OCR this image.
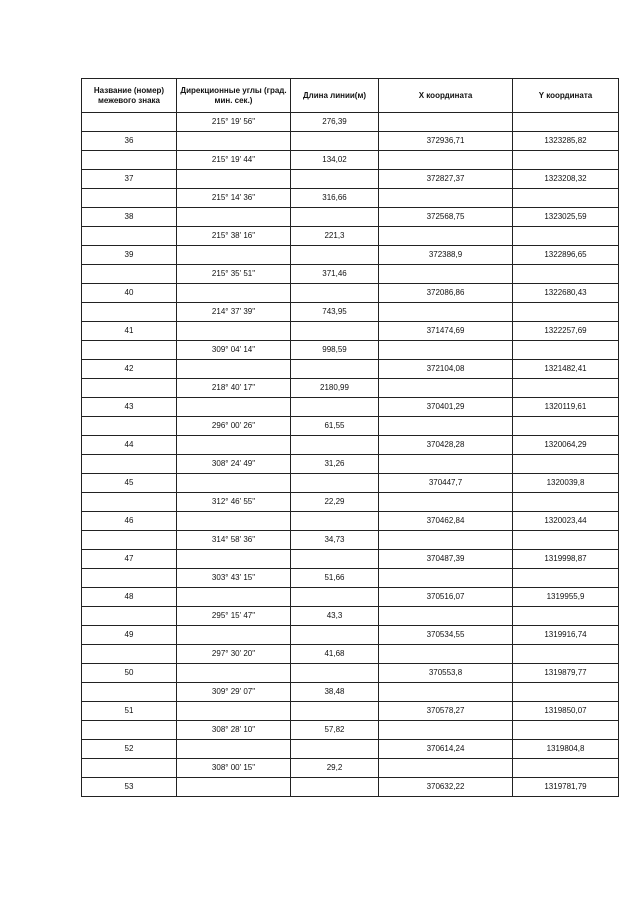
Название (номер) межевого знака	Дирекционные углы (град. мин. сек.)	Длина линии(м)	X координата	Y координата
	215° 19' 56"	276,39		
36			372936,71	1323285,82
	215° 19' 44"	134,02		
37			372827,37	1323208,32
	215° 14' 36"	316,66		
38			372568,75	1323025,59
	215° 38' 16"	221,3		
39			372388,9	1322896,65
	215° 35' 51"	371,46		
40			372086,86	1322680,43
	214° 37' 39"	743,95		
41			371474,69	1322257,69
	309° 04' 14"	998,59		
42			372104,08	1321482,41
	218° 40' 17"	2180,99		
43			370401,29	1320119,61
	296° 00' 26"	61,55		
44			370428,28	1320064,29
	308° 24' 49"	31,26		
45			370447,7	1320039,8
	312° 46' 55"	22,29		
46			370462,84	1320023,44
	314° 58' 36"	34,73		
47			370487,39	1319998,87
	303° 43' 15"	51,66		
48			370516,07	1319955,9
	295° 15' 47"	43,3		
49			370534,55	1319916,74
	297° 30' 20"	41,68		
50			370553,8	1319879,77
	309° 29' 07"	38,48		
51			370578,27	1319850,07
	308° 28' 10"	57,82		
52			370614,24	1319804,8
	308° 00' 15"	29,2		
53			370632,22	1319781,79
